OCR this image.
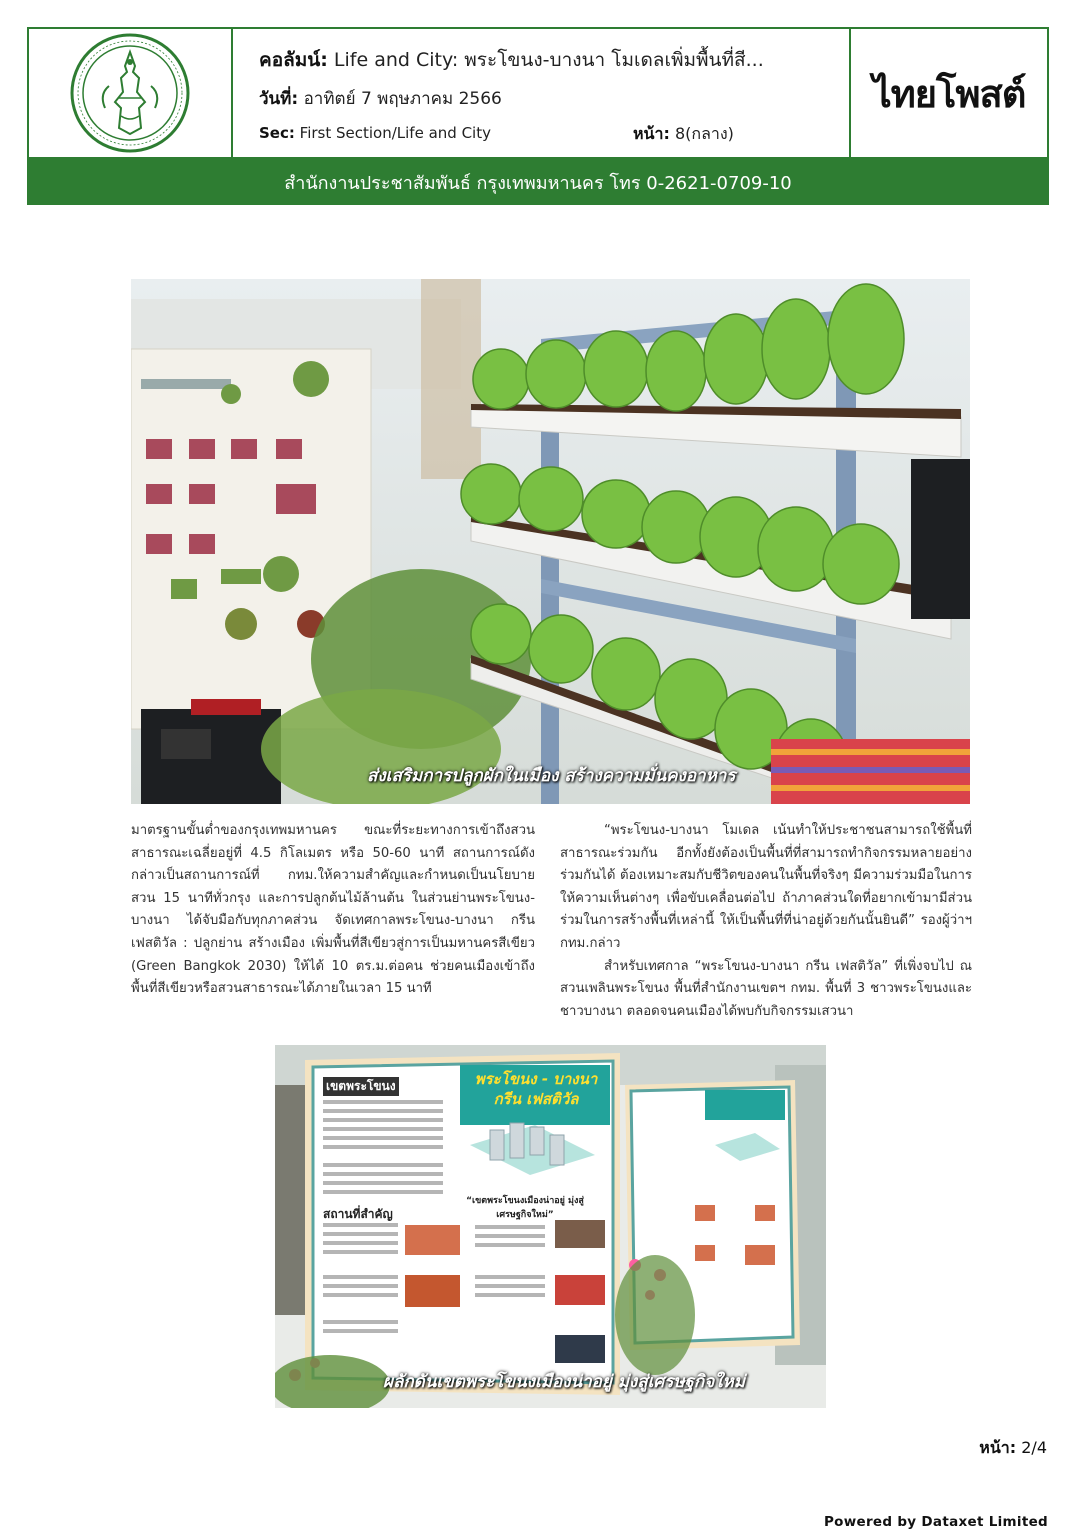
คอลัมน์: Life and City: พระโขนง-บางนา โมเดลเพิ่มพื้นที่สี...
วันที่: อาทิตย์ 7 พฤษภาคม 2566
Sec: First Section/Life and City	หน้า: 8(กลาง)
ไทยโพสต์
สำนักงานประชาสัมพันธ์ กรุงเทพมหานคร โทร 0-2621-0709-10
ส่งเสริมการปลูกผักในเมือง สร้างความมั่นคงอาหาร

มาตรฐานขั้นต่ำของกรุงเทพมหานคร ขณะที่ระยะทางการเข้าถึงสวนสาธารณะเฉลี่ยอยู่ที่ 4.5 กิโลเมตร หรือ 50-60 นาที สถานการณ์ดังกล่าวเป็นสถานการณ์ที่ กทม.ให้ความสำคัญและกำหนดเป็นนโยบายสวน 15 นาทีทั่วกรุง และการปลูกต้นไม้ล้านต้น ในส่วนย่านพระโขนง-บางนา ได้จับมือกับทุกภาคส่วน จัดเทศกาลพระโขนง-บางนา กรีน เฟสติวัล : ปลูกย่าน สร้างเมือง เพิ่มพื้นที่สีเขียวสู่การเป็นมหานครสีเขียว (Green Bangkok 2030) ให้ได้ 10 ตร.ม.ต่อคน ช่วยคนเมืองเข้าถึงพื้นที่สีเขียวหรือสวนสาธารณะได้ภายในเวลา 15 นาที

“พระโขนง-บางนา โมเดล เน้นทำให้ประชาชนสามารถใช้พื้นที่สาธารณะร่วมกัน อีกทั้งยังต้องเป็นพื้นที่ที่สามารถทำกิจกรรมหลายอย่างร่วมกันได้ ต้องเหมาะสมกับชีวิตของคนในพื้นที่จริงๆ มีความร่วมมือในการให้ความเห็นต่างๆ เพื่อขับเคลื่อนต่อไป ถ้าภาคส่วนใดที่อยากเข้ามามีส่วนร่วมในการสร้างพื้นที่เหล่านี้ ให้เป็นพื้นที่ที่น่าอยู่ด้วยกันนั้นยินดี” รองผู้ว่าฯ กทม.กล่าว

สำหรับเทศกาล “พระโขนง-บางนา กรีน เฟสติวัล” ที่เพิ่งจบไป ณ สวนเพลินพระโขนง พื้นที่สำนักงานเขตฯ กทม. พื้นที่ 3 ชาวพระโขนงและชาวบางนา ตลอดจนคนเมืองได้พบกับกิจกรรมเสวนา

พระโขนง - บางนา กรีน เฟสติวัล
เขตพระโขนง
สถานที่สำคัญ
“เขตพระโขนงเมืองน่าอยู่ มุ่งสู่เศรษฐกิจใหม่”
ผลักดันเขตพระโขนงเมืองน่าอยู่ มุ่งสู่เศรษฐกิจใหม่
หน้า: 2/4
Powered by Dataxet Limited
